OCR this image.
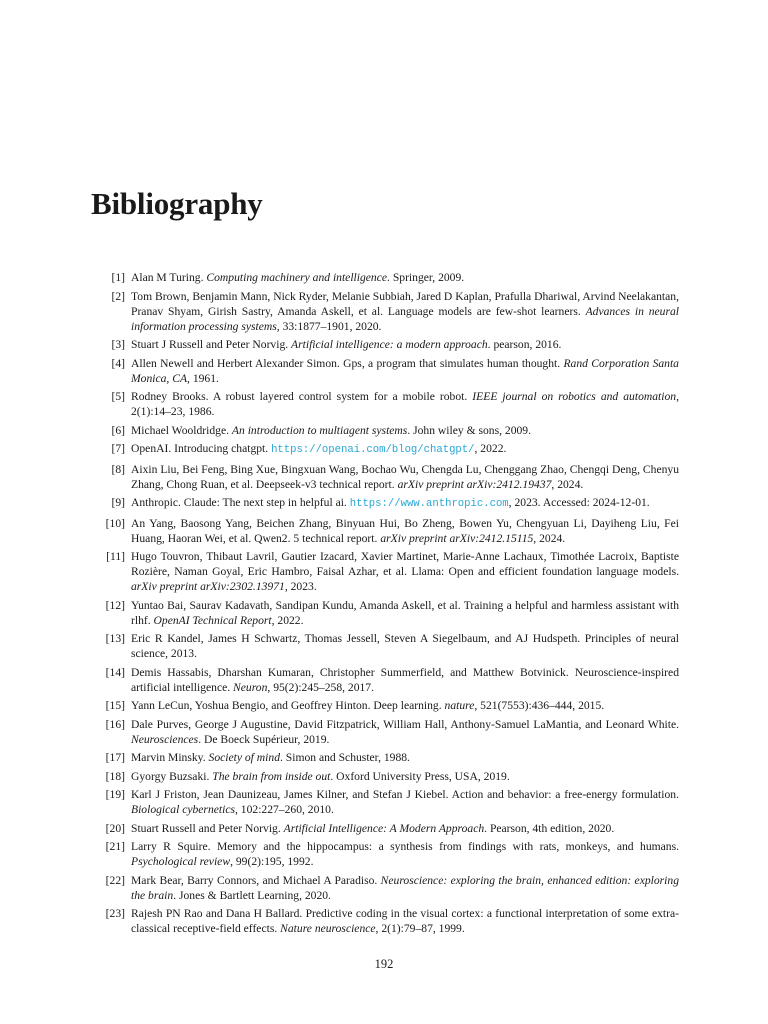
Bibliography
[1] Alan M Turing. Computing machinery and intelligence. Springer, 2009.
[2] Tom Brown, Benjamin Mann, Nick Ryder, Melanie Subbiah, Jared D Kaplan, Prafulla Dhariwal, Arvind Neelakantan, Pranav Shyam, Girish Sastry, Amanda Askell, et al. Language models are few-shot learners. Advances in neural information processing systems, 33:1877–1901, 2020.
[3] Stuart J Russell and Peter Norvig. Artificial intelligence: a modern approach. pearson, 2016.
[4] Allen Newell and Herbert Alexander Simon. Gps, a program that simulates human thought. Rand Corporation Santa Monica, CA, 1961.
[5] Rodney Brooks. A robust layered control system for a mobile robot. IEEE journal on robotics and automation, 2(1):14–23, 1986.
[6] Michael Wooldridge. An introduction to multiagent systems. John wiley & sons, 2009.
[7] OpenAI. Introducing chatgpt. https://openai.com/blog/chatgpt/, 2022.
[8] Aixin Liu, Bei Feng, Bing Xue, Bingxuan Wang, Bochao Wu, Chengda Lu, Chenggang Zhao, Chengqi Deng, Chenyu Zhang, Chong Ruan, et al. Deepseek-v3 technical report. arXiv preprint arXiv:2412.19437, 2024.
[9] Anthropic. Claude: The next step in helpful ai. https://www.anthropic.com, 2023. Accessed: 2024-12-01.
[10] An Yang, Baosong Yang, Beichen Zhang, Binyuan Hui, Bo Zheng, Bowen Yu, Chengyuan Li, Dayiheng Liu, Fei Huang, Haoran Wei, et al. Qwen2. 5 technical report. arXiv preprint arXiv:2412.15115, 2024.
[11] Hugo Touvron, Thibaut Lavril, Gautier Izacard, Xavier Martinet, Marie-Anne Lachaux, Timothée Lacroix, Baptiste Rozière, Naman Goyal, Eric Hambro, Faisal Azhar, et al. Llama: Open and efficient foundation language models. arXiv preprint arXiv:2302.13971, 2023.
[12] Yuntao Bai, Saurav Kadavath, Sandipan Kundu, Amanda Askell, et al. Training a helpful and harmless assistant with rlhf. OpenAI Technical Report, 2022.
[13] Eric R Kandel, James H Schwartz, Thomas Jessell, Steven A Siegelbaum, and AJ Hudspeth. Principles of neural science, 2013.
[14] Demis Hassabis, Dharshan Kumaran, Christopher Summerfield, and Matthew Botvinick. Neuroscience-inspired artificial intelligence. Neuron, 95(2):245–258, 2017.
[15] Yann LeCun, Yoshua Bengio, and Geoffrey Hinton. Deep learning. nature, 521(7553):436–444, 2015.
[16] Dale Purves, George J Augustine, David Fitzpatrick, William Hall, Anthony-Samuel LaMantia, and Leonard White. Neurosciences. De Boeck Supérieur, 2019.
[17] Marvin Minsky. Society of mind. Simon and Schuster, 1988.
[18] Gyorgy Buzsaki. The brain from inside out. Oxford University Press, USA, 2019.
[19] Karl J Friston, Jean Daunizeau, James Kilner, and Stefan J Kiebel. Action and behavior: a free-energy formulation. Biological cybernetics, 102:227–260, 2010.
[20] Stuart Russell and Peter Norvig. Artificial Intelligence: A Modern Approach. Pearson, 4th edition, 2020.
[21] Larry R Squire. Memory and the hippocampus: a synthesis from findings with rats, monkeys, and humans. Psychological review, 99(2):195, 1992.
[22] Mark Bear, Barry Connors, and Michael A Paradiso. Neuroscience: exploring the brain, enhanced edition: exploring the brain. Jones & Bartlett Learning, 2020.
[23] Rajesh PN Rao and Dana H Ballard. Predictive coding in the visual cortex: a functional interpretation of some extra-classical receptive-field effects. Nature neuroscience, 2(1):79–87, 1999.
192
